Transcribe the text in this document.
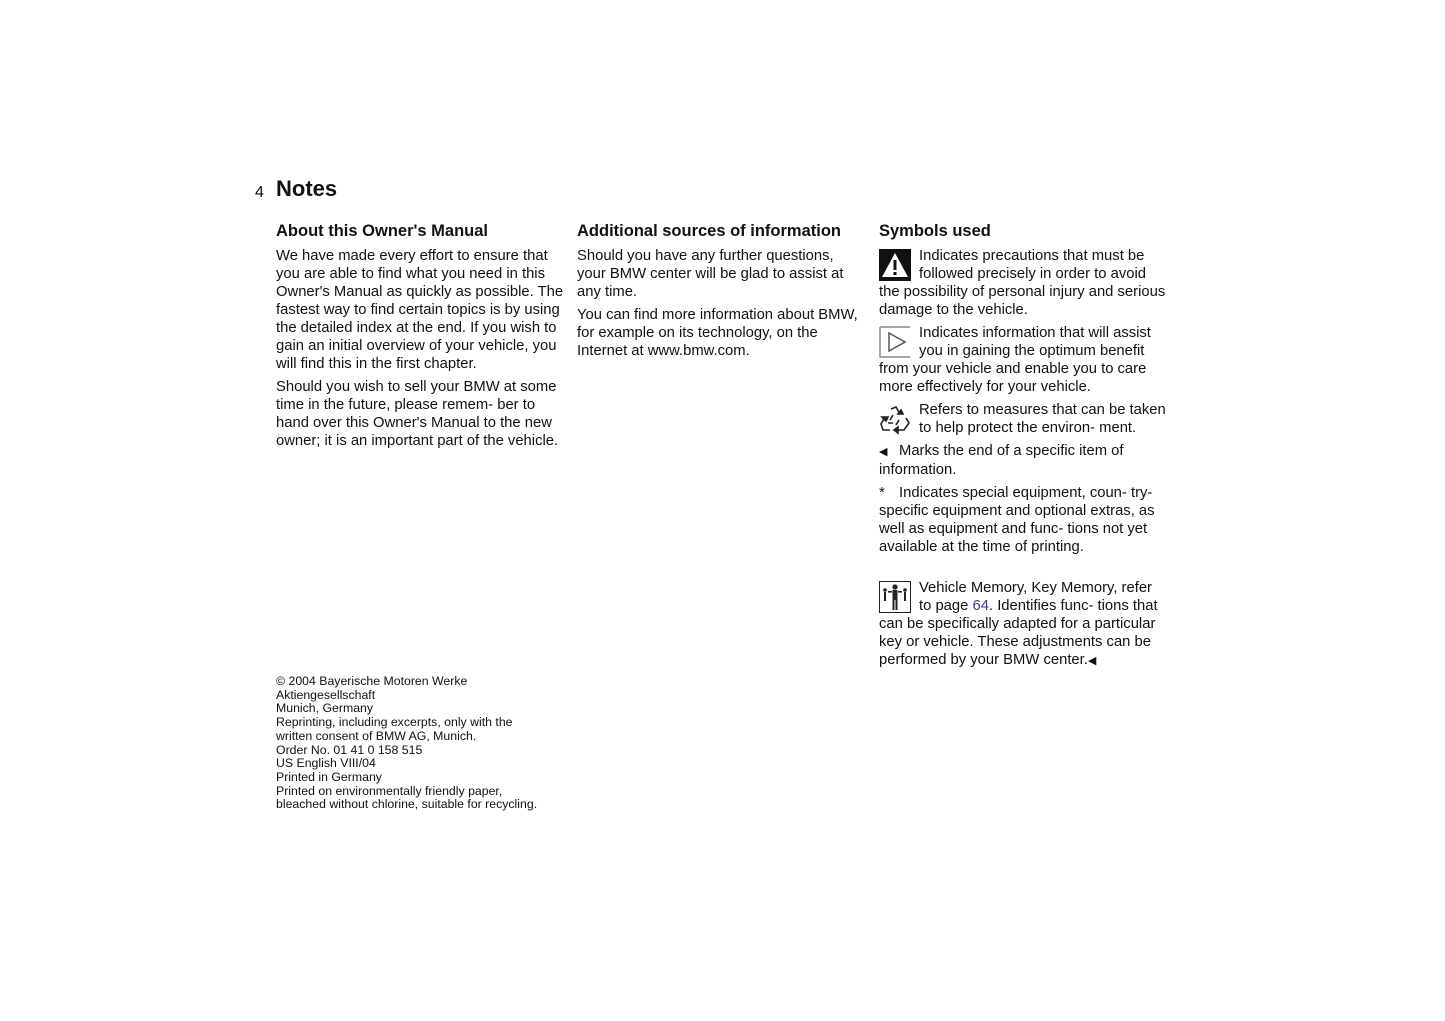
4 Notes
About this Owner's Manual

We have made every effort to ensure that you are able to find what you need in this Owner's Manual as quickly as possible. The fastest way to find certain topics is by using the detailed index at the end. If you wish to gain an initial overview of your vehicle, you will find this in the first chapter.

Should you wish to sell your BMW at some time in the future, please remem- ber to hand over this Owner's Manual to the new owner; it is an important part of the vehicle.

Additional sources of information

Should you have any further questions, your BMW center will be glad to assist at any time.

You can find more information about BMW, for example on its technology, on the Internet at www.bmw.com.

Symbols used

Indicates precautions that must be followed precisely in order to avoid the possibility of personal injury and serious damage to the vehicle.

Indicates information that will assist you in gaining the optimum benefit from your vehicle and enable you to care more effectively for your vehicle.

Refers to measures that can be taken to help protect the environ- ment.

◀ Marks the end of a specific item of information.

* Indicates special equipment, coun- try-specific equipment and optional extras, as well as equipment and func- tions not yet available at the time of printing.

Vehicle Memory, Key Memory, refer to page 64. Identifies func- tions that can be specifically adapted for a particular key or vehicle. These adjustments can be performed by your BMW center.◀

© 2004 Bayerische Motoren Werke
Aktiengesellschaft
Munich, Germany
Reprinting, including excerpts, only with the
written consent of BMW AG, Munich.
Order No. 01 41 0 158 515
US English VIII/04
Printed in Germany
Printed on environmentally friendly paper,
bleached without chlorine, suitable for recycling.
